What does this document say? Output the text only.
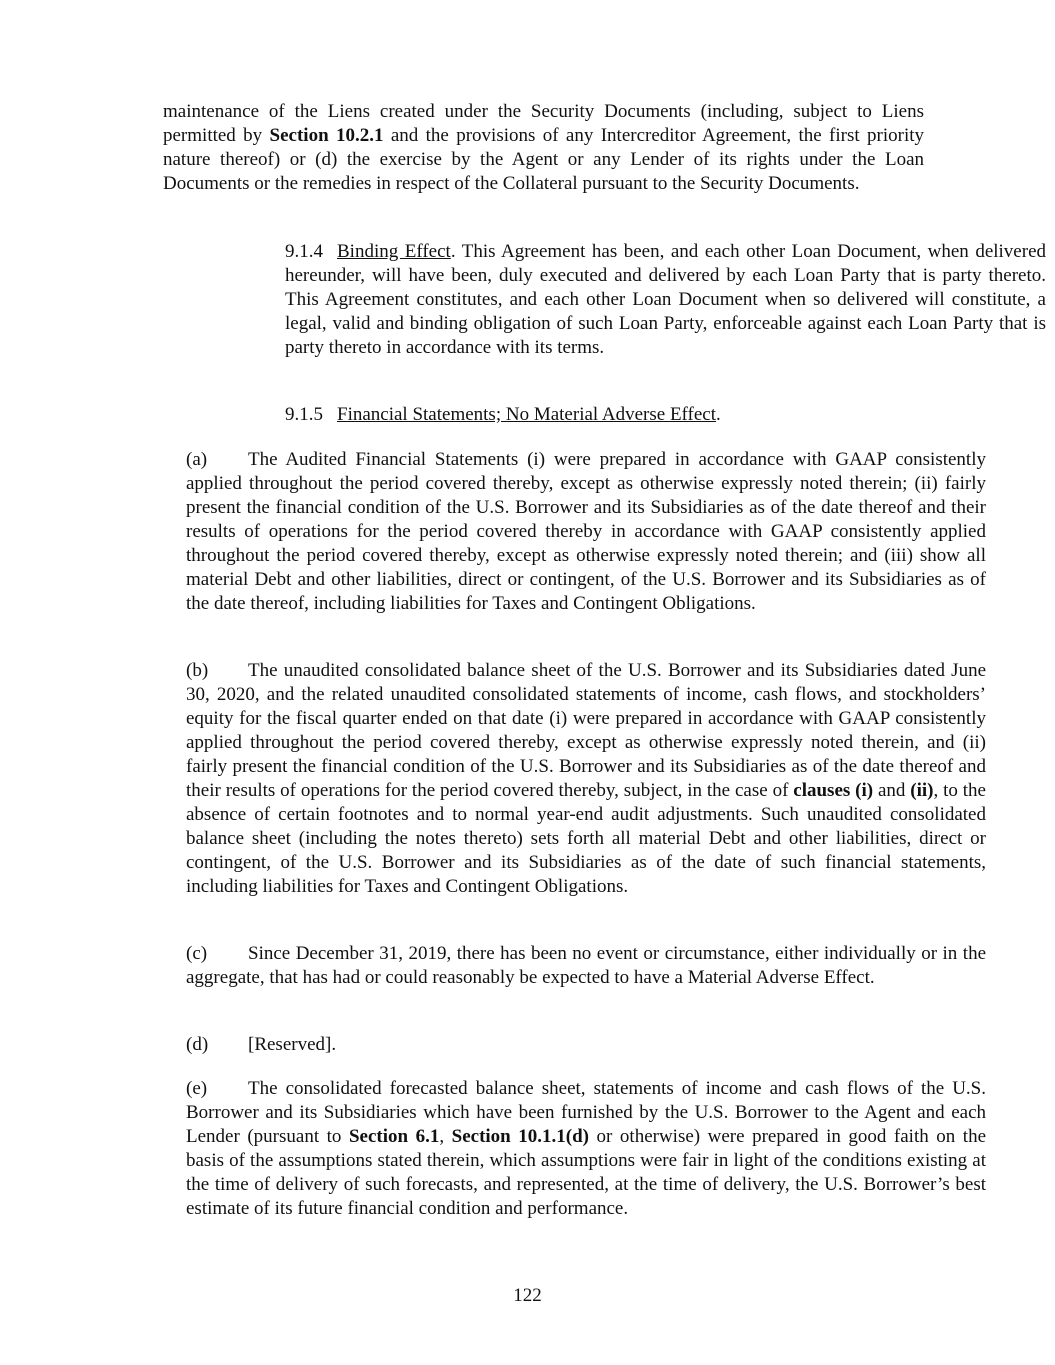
maintenance of the Liens created under the Security Documents (including, subject to Liens permitted by Section 10.2.1 and the provisions of any Intercreditor Agreement, the first priority nature thereof) or (d) the exercise by the Agent or any Lender of its rights under the Loan Documents or the remedies in respect of the Collateral pursuant to the Security Documents.

9.1.4 Binding Effect. This Agreement has been, and each other Loan Document, when delivered hereunder, will have been, duly executed and delivered by each Loan Party that is party thereto. This Agreement constitutes, and each other Loan Document when so delivered will constitute, a legal, valid and binding obligation of such Loan Party, enforceable against each Loan Party that is party thereto in accordance with its terms.

9.1.5 Financial Statements; No Material Adverse Effect.

(a) The Audited Financial Statements (i) were prepared in accordance with GAAP consistently applied throughout the period covered thereby, except as otherwise expressly noted therein; (ii) fairly present the financial condition of the U.S. Borrower and its Subsidiaries as of the date thereof and their results of operations for the period covered thereby in accordance with GAAP consistently applied throughout the period covered thereby, except as otherwise expressly noted therein; and (iii) show all material Debt and other liabilities, direct or contingent, of the U.S. Borrower and its Subsidiaries as of the date thereof, including liabilities for Taxes and Contingent Obligations.

(b) The unaudited consolidated balance sheet of the U.S. Borrower and its Subsidiaries dated June 30, 2020, and the related unaudited consolidated statements of income, cash flows, and stockholders’ equity for the fiscal quarter ended on that date (i) were prepared in accordance with GAAP consistently applied throughout the period covered thereby, except as otherwise expressly noted therein, and (ii) fairly present the financial condition of the U.S. Borrower and its Subsidiaries as of the date thereof and their results of operations for the period covered thereby, subject, in the case of clauses (i) and (ii), to the absence of certain footnotes and to normal year-end audit adjustments. Such unaudited consolidated balance sheet (including the notes thereto) sets forth all material Debt and other liabilities, direct or contingent, of the U.S. Borrower and its Subsidiaries as of the date of such financial statements, including liabilities for Taxes and Contingent Obligations.

(c) Since December 31, 2019, there has been no event or circumstance, either individually or in the aggregate, that has had or could reasonably be expected to have a Material Adverse Effect.

(d) [Reserved].

(e) The consolidated forecasted balance sheet, statements of income and cash flows of the U.S. Borrower and its Subsidiaries which have been furnished by the U.S. Borrower to the Agent and each Lender (pursuant to Section 6.1, Section 10.1.1(d) or otherwise) were prepared in good faith on the basis of the assumptions stated therein, which assumptions were fair in light of the conditions existing at the time of delivery of such forecasts, and represented, at the time of delivery, the U.S. Borrower’s best estimate of its future financial condition and performance.

122
